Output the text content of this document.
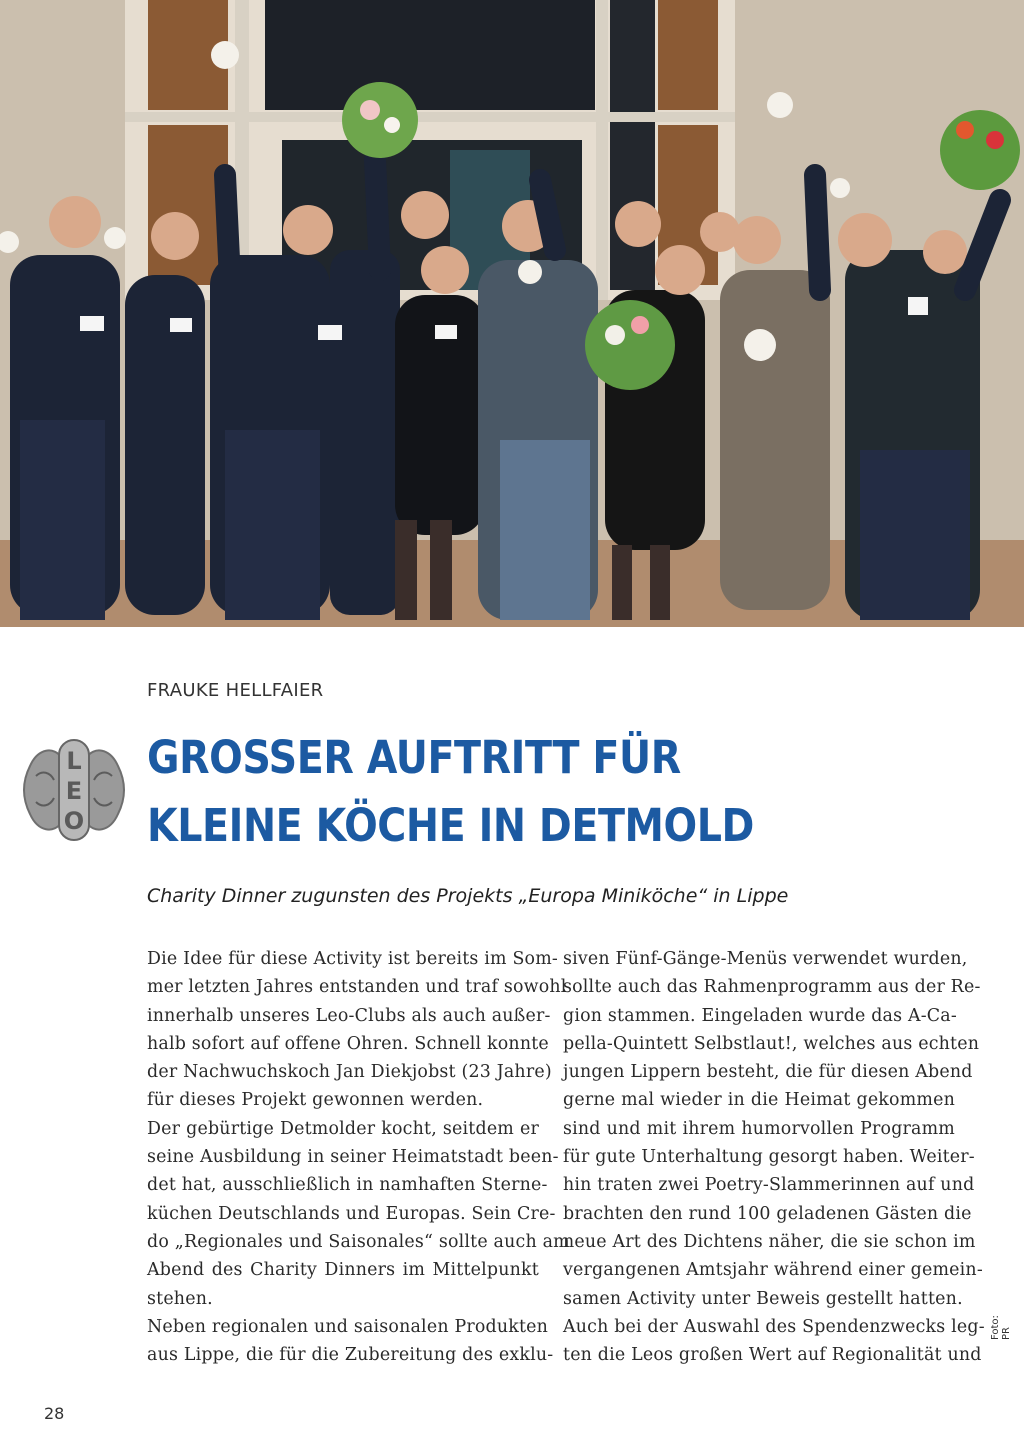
FRAUKE HELLFAIER
L
E
O
GROSSER AUFTRITT FÜR
KLEINE KÖCHE IN DETMOLD
Charity Dinner zugunsten des Projekts „Europa Miniköche“ in Lippe
Die Idee für diese Activity ist bereits im Som-
mer letzten Jahres entstanden und traf sowohl
innerhalb unseres Leo-Clubs als auch außer-
halb sofort auf offene Ohren. Schnell konnte
der Nachwuchskoch Jan Diekjobst (23 Jahre)
für dieses Projekt gewonnen werden.
Der gebürtige Detmolder kocht, seitdem er
seine Ausbildung in seiner Heimatstadt been-
det hat, ausschließlich in namhaften Sterne-
küchen Deutschlands und Europas. Sein Cre-
do „Regionales und Saisonales“ sollte auch am
Abend des Charity Dinners im Mittelpunkt
stehen.
Neben regionalen und saisonalen Produkten
aus Lippe, die für die Zubereitung des exklu-
siven Fünf-Gänge-Menüs verwendet wurden,
sollte auch das Rahmenprogramm aus der Re-
gion stammen. Eingeladen wurde das A-Ca-
pella-Quintett Selbstlaut!, welches aus echten
jungen Lippern besteht, die für diesen Abend
gerne mal wieder in die Heimat gekommen
sind und mit ihrem humorvollen Programm
für gute Unterhaltung gesorgt haben. Weiter-
hin traten zwei Poetry-Slammerinnen auf und
brachten den rund 100 geladenen Gästen die
neue Art des Dichtens näher, die sie schon im
vergangenen Amtsjahr während einer gemein-
samen Activity unter Beweis gestellt hatten.
Auch bei der Auswahl des Spendenzwecks leg-
ten die Leos großen Wert auf Regionalität und
Foto: PR
28
